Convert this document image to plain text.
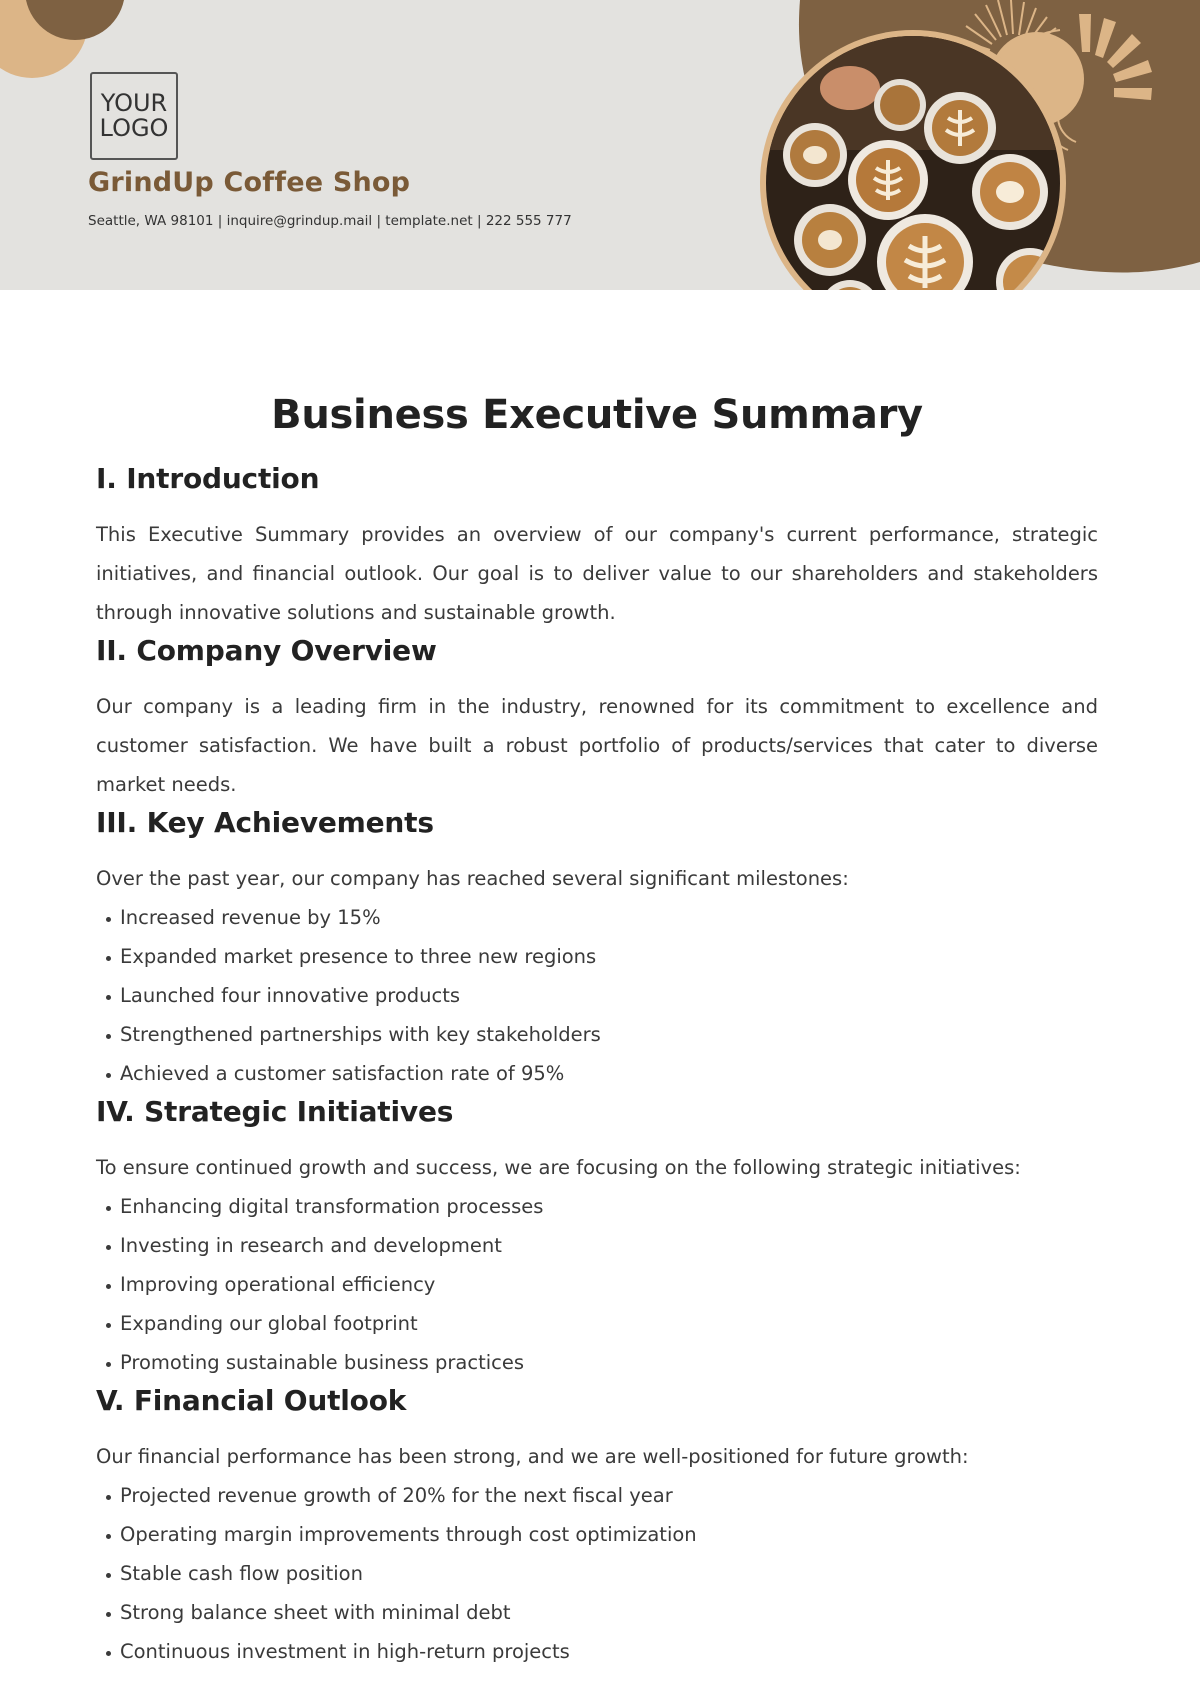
YOUR
LOGO
GrindUp Coffee Shop
Seattle, WA 98101 | inquire@grindup.mail | template.net | 222 555 777
Business Executive Summary
I. Introduction

This Executive Summary provides an overview of our company's current performance, strategic initiatives, and financial outlook. Our goal is to deliver value to our shareholders and stakeholders through innovative solutions and sustainable growth.

II. Company Overview

Our company is a leading firm in the industry, renowned for its commitment to excellence and customer satisfaction. We have built a robust portfolio of products/services that cater to diverse market needs.

III. Key Achievements

Over the past year, our company has reached several significant milestones:

Increased revenue by 15%
Expanded market presence to three new regions
Launched four innovative products
Strengthened partnerships with key stakeholders
Achieved a customer satisfaction rate of 95%
IV. Strategic Initiatives

To ensure continued growth and success, we are focusing on the following strategic initiatives:

Enhancing digital transformation processes
Investing in research and development
Improving operational efficiency
Expanding our global footprint
Promoting sustainable business practices
V. Financial Outlook

Our financial performance has been strong, and we are well-positioned for future growth:

Projected revenue growth of 20% for the next fiscal year
Operating margin improvements through cost optimization
Stable cash flow position
Strong balance sheet with minimal debt
Continuous investment in high-return projects
